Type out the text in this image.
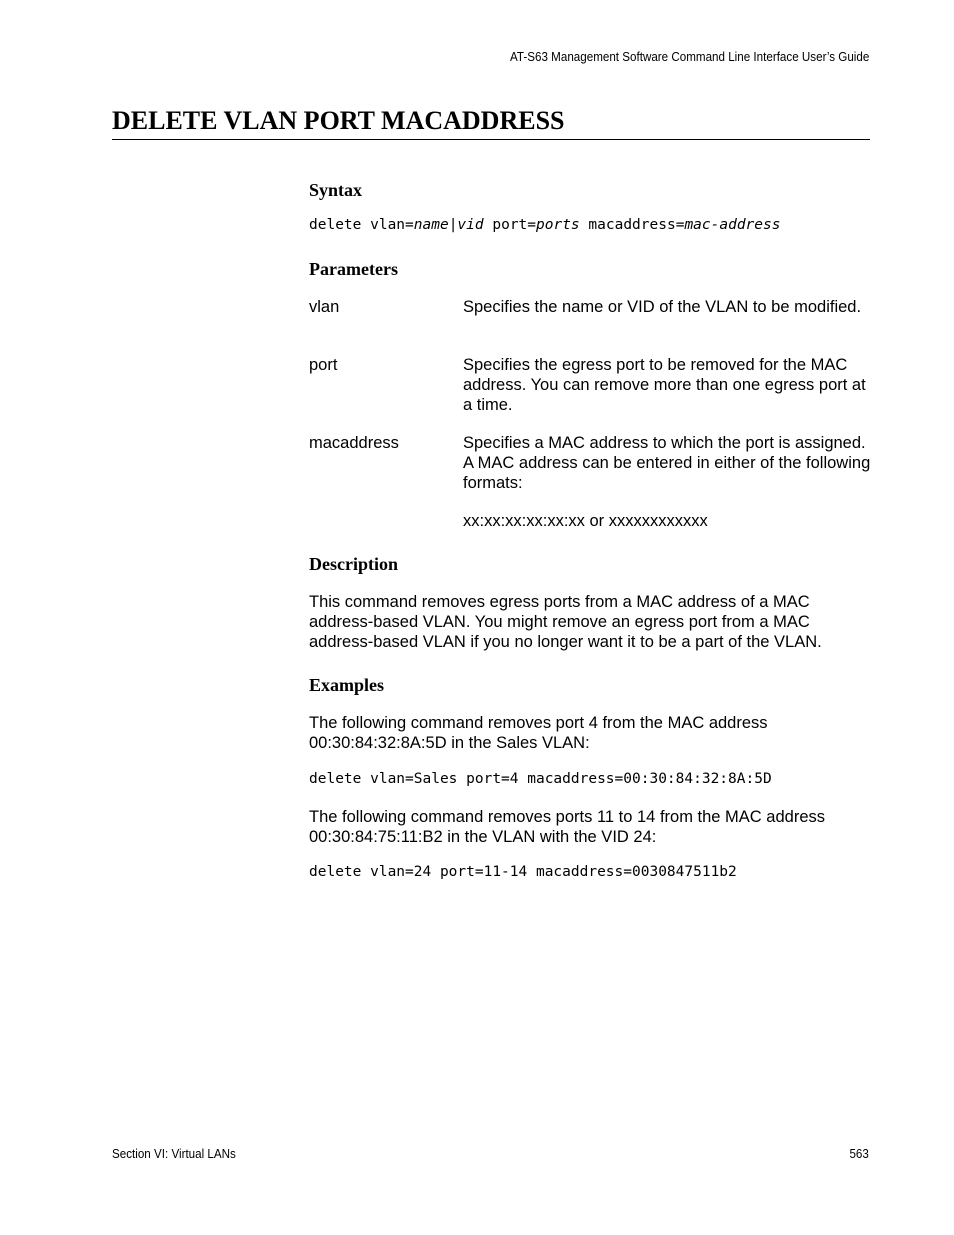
AT-S63 Management Software Command Line Interface User’s Guide
DELETE VLAN PORT MACADDRESS
Syntax
delete vlan=name|vid port=ports macaddress=mac-address
Parameters
vlan	Specifies the name or VID of the VLAN to be modified.
port	Specifies the egress port to be removed for the MAC address. You can remove more than one egress port at a time.
macaddress	Specifies a MAC address to which the port is assigned. A MAC address can be entered in either of the following formats:
xx:xx:xx:xx:xx:xx or xxxxxxxxxxxx
Description
This command removes egress ports from a MAC address of a MAC address-based VLAN. You might remove an egress port from a MAC address-based VLAN if you no longer want it to be a part of the VLAN.
Examples
The following command removes port 4 from the MAC address 00:30:84:32:8A:5D in the Sales VLAN:
delete vlan=Sales port=4 macaddress=00:30:84:32:8A:5D
The following command removes ports 11 to 14 from the MAC address 00:30:84:75:11:B2 in the VLAN with the VID 24:
delete vlan=24 port=11-14 macaddress=0030847511b2
Section VI: Virtual LANs	563
